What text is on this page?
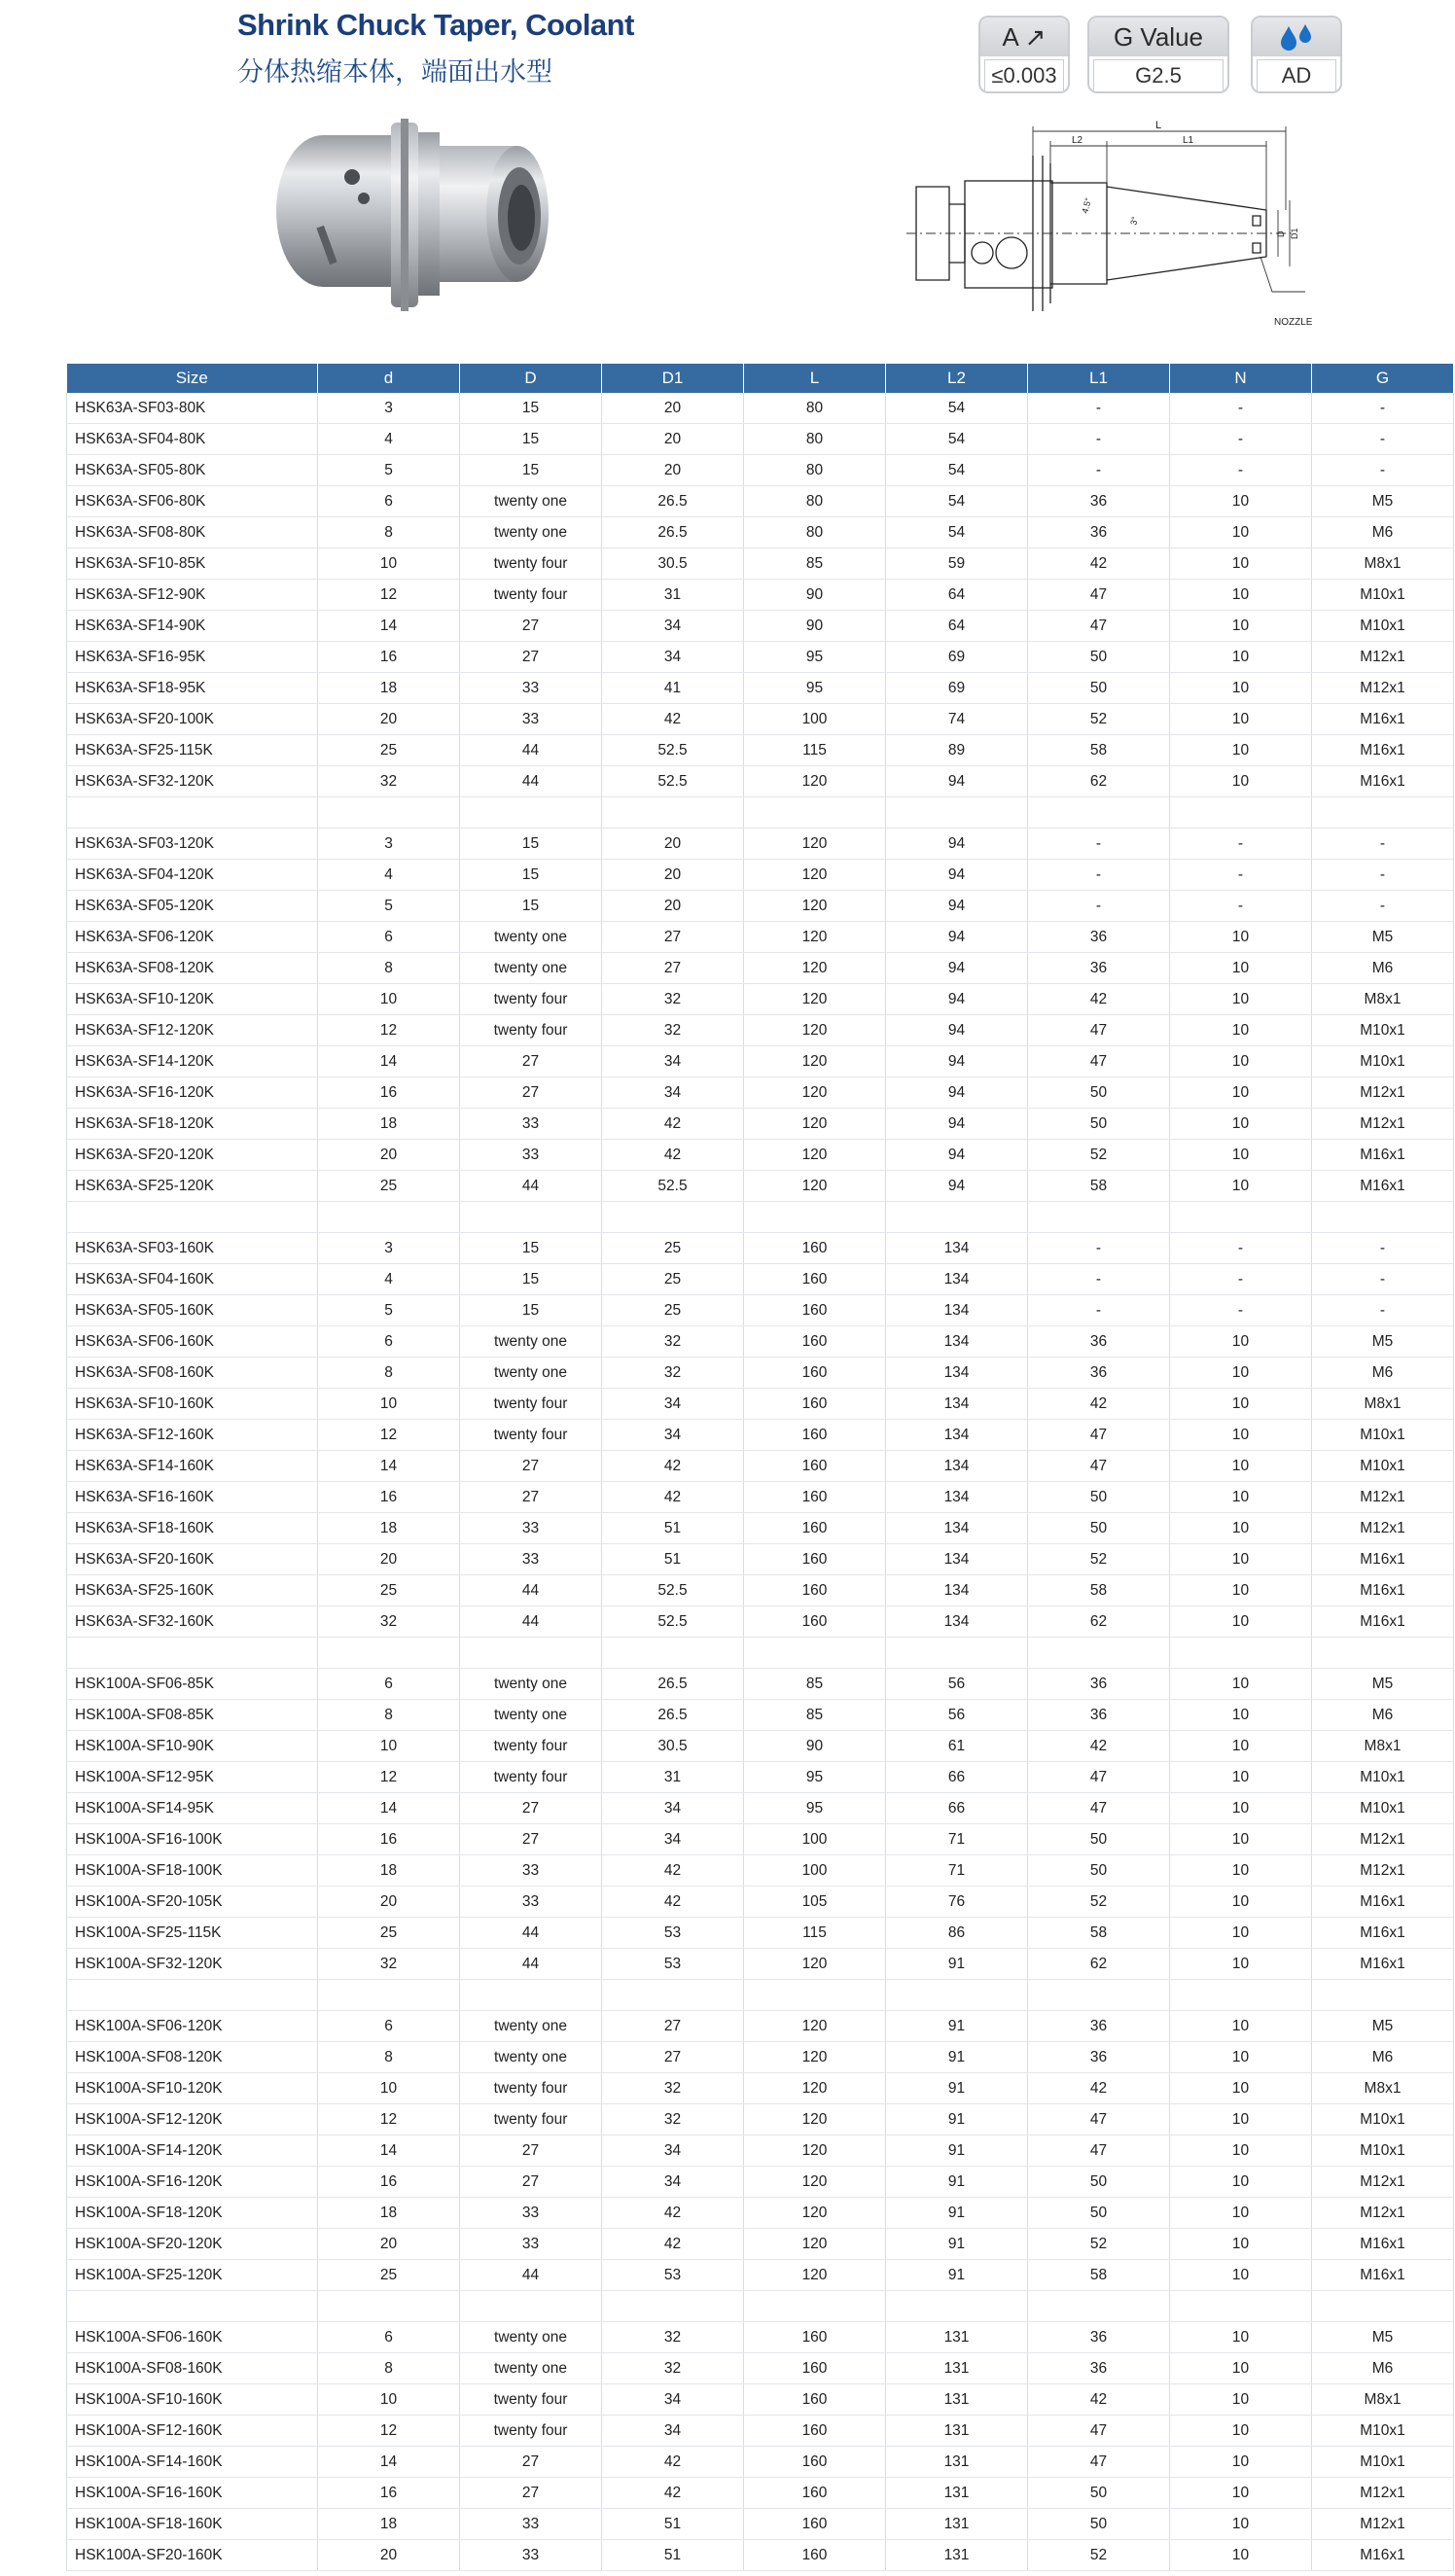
Shrink Chuck Taper, Coolant
分体热缩本体，端面出水型
A ↗
≤0.003
G Value
G2.5	AD
L
L2	L1
4.5°
3°
D D1
NOZZLE
Size	d	D	D1	L	L2	L1	N	G
HSK63A-SF03-80K	3	15	20	80	54	-	-	-
HSK63A-SF04-80K	4	15	20	80	54	-	-	-
HSK63A-SF05-80K	5	15	20	80	54	-	-	-
HSK63A-SF06-80K	6	twenty one	26.5	80	54	36	10	M5
HSK63A-SF08-80K	8	twenty one	26.5	80	54	36	10	M6
HSK63A-SF10-85K	10	twenty four	30.5	85	59	42	10	M8x1
HSK63A-SF12-90K	12	twenty four	31	90	64	47	10	M10x1
HSK63A-SF14-90K	14	27	34	90	64	47	10	M10x1
HSK63A-SF16-95K	16	27	34	95	69	50	10	M12x1
HSK63A-SF18-95K	18	33	41	95	69	50	10	M12x1
HSK63A-SF20-100K	20	33	42	100	74	52	10	M16x1
HSK63A-SF25-115K	25	44	52.5	115	89	58	10	M16x1
HSK63A-SF32-120K	32	44	52.5	120	94	62	10	M16x1

HSK63A-SF03-120K	3	15	20	120	94	-	-	-
HSK63A-SF04-120K	4	15	20	120	94	-	-	-
HSK63A-SF05-120K	5	15	20	120	94	-	-	-
HSK63A-SF06-120K	6	twenty one	27	120	94	36	10	M5
HSK63A-SF08-120K	8	twenty one	27	120	94	36	10	M6
HSK63A-SF10-120K	10	twenty four	32	120	94	42	10	M8x1
HSK63A-SF12-120K	12	twenty four	32	120	94	47	10	M10x1
HSK63A-SF14-120K	14	27	34	120	94	47	10	M10x1
HSK63A-SF16-120K	16	27	34	120	94	50	10	M12x1
HSK63A-SF18-120K	18	33	42	120	94	50	10	M12x1
HSK63A-SF20-120K	20	33	42	120	94	52	10	M16x1
HSK63A-SF25-120K	25	44	52.5	120	94	58	10	M16x1

HSK63A-SF03-160K	3	15	25	160	134	-	-	-
HSK63A-SF04-160K	4	15	25	160	134	-	-	-
HSK63A-SF05-160K	5	15	25	160	134	-	-	-
HSK63A-SF06-160K	6	twenty one	32	160	134	36	10	M5
HSK63A-SF08-160K	8	twenty one	32	160	134	36	10	M6
HSK63A-SF10-160K	10	twenty four	34	160	134	42	10	M8x1
HSK63A-SF12-160K	12	twenty four	34	160	134	47	10	M10x1
HSK63A-SF14-160K	14	27	42	160	134	47	10	M10x1
HSK63A-SF16-160K	16	27	42	160	134	50	10	M12x1
HSK63A-SF18-160K	18	33	51	160	134	50	10	M12x1
HSK63A-SF20-160K	20	33	51	160	134	52	10	M16x1
HSK63A-SF25-160K	25	44	52.5	160	134	58	10	M16x1
HSK63A-SF32-160K	32	44	52.5	160	134	62	10	M16x1

HSK100A-SF06-85K	6	twenty one	26.5	85	56	36	10	M5
HSK100A-SF08-85K	8	twenty one	26.5	85	56	36	10	M6
HSK100A-SF10-90K	10	twenty four	30.5	90	61	42	10	M8x1
HSK100A-SF12-95K	12	twenty four	31	95	66	47	10	M10x1
HSK100A-SF14-95K	14	27	34	95	66	47	10	M10x1
HSK100A-SF16-100K	16	27	34	100	71	50	10	M12x1
HSK100A-SF18-100K	18	33	42	100	71	50	10	M12x1
HSK100A-SF20-105K	20	33	42	105	76	52	10	M16x1
HSK100A-SF25-115K	25	44	53	115	86	58	10	M16x1
HSK100A-SF32-120K	32	44	53	120	91	62	10	M16x1

HSK100A-SF06-120K	6	twenty one	27	120	91	36	10	M5
HSK100A-SF08-120K	8	twenty one	27	120	91	36	10	M6
HSK100A-SF10-120K	10	twenty four	32	120	91	42	10	M8x1
HSK100A-SF12-120K	12	twenty four	32	120	91	47	10	M10x1
HSK100A-SF14-120K	14	27	34	120	91	47	10	M10x1
HSK100A-SF16-120K	16	27	34	120	91	50	10	M12x1
HSK100A-SF18-120K	18	33	42	120	91	50	10	M12x1
HSK100A-SF20-120K	20	33	42	120	91	52	10	M16x1
HSK100A-SF25-120K	25	44	53	120	91	58	10	M16x1

HSK100A-SF06-160K	6	twenty one	32	160	131	36	10	M5
HSK100A-SF08-160K	8	twenty one	32	160	131	36	10	M6
HSK100A-SF10-160K	10	twenty four	34	160	131	42	10	M8x1
HSK100A-SF12-160K	12	twenty four	34	160	131	47	10	M10x1
HSK100A-SF14-160K	14	27	42	160	131	47	10	M10x1
HSK100A-SF16-160K	16	27	42	160	131	50	10	M12x1
HSK100A-SF18-160K	18	33	51	160	131	50	10	M12x1
HSK100A-SF20-160K	20	33	51	160	131	52	10	M16x1
